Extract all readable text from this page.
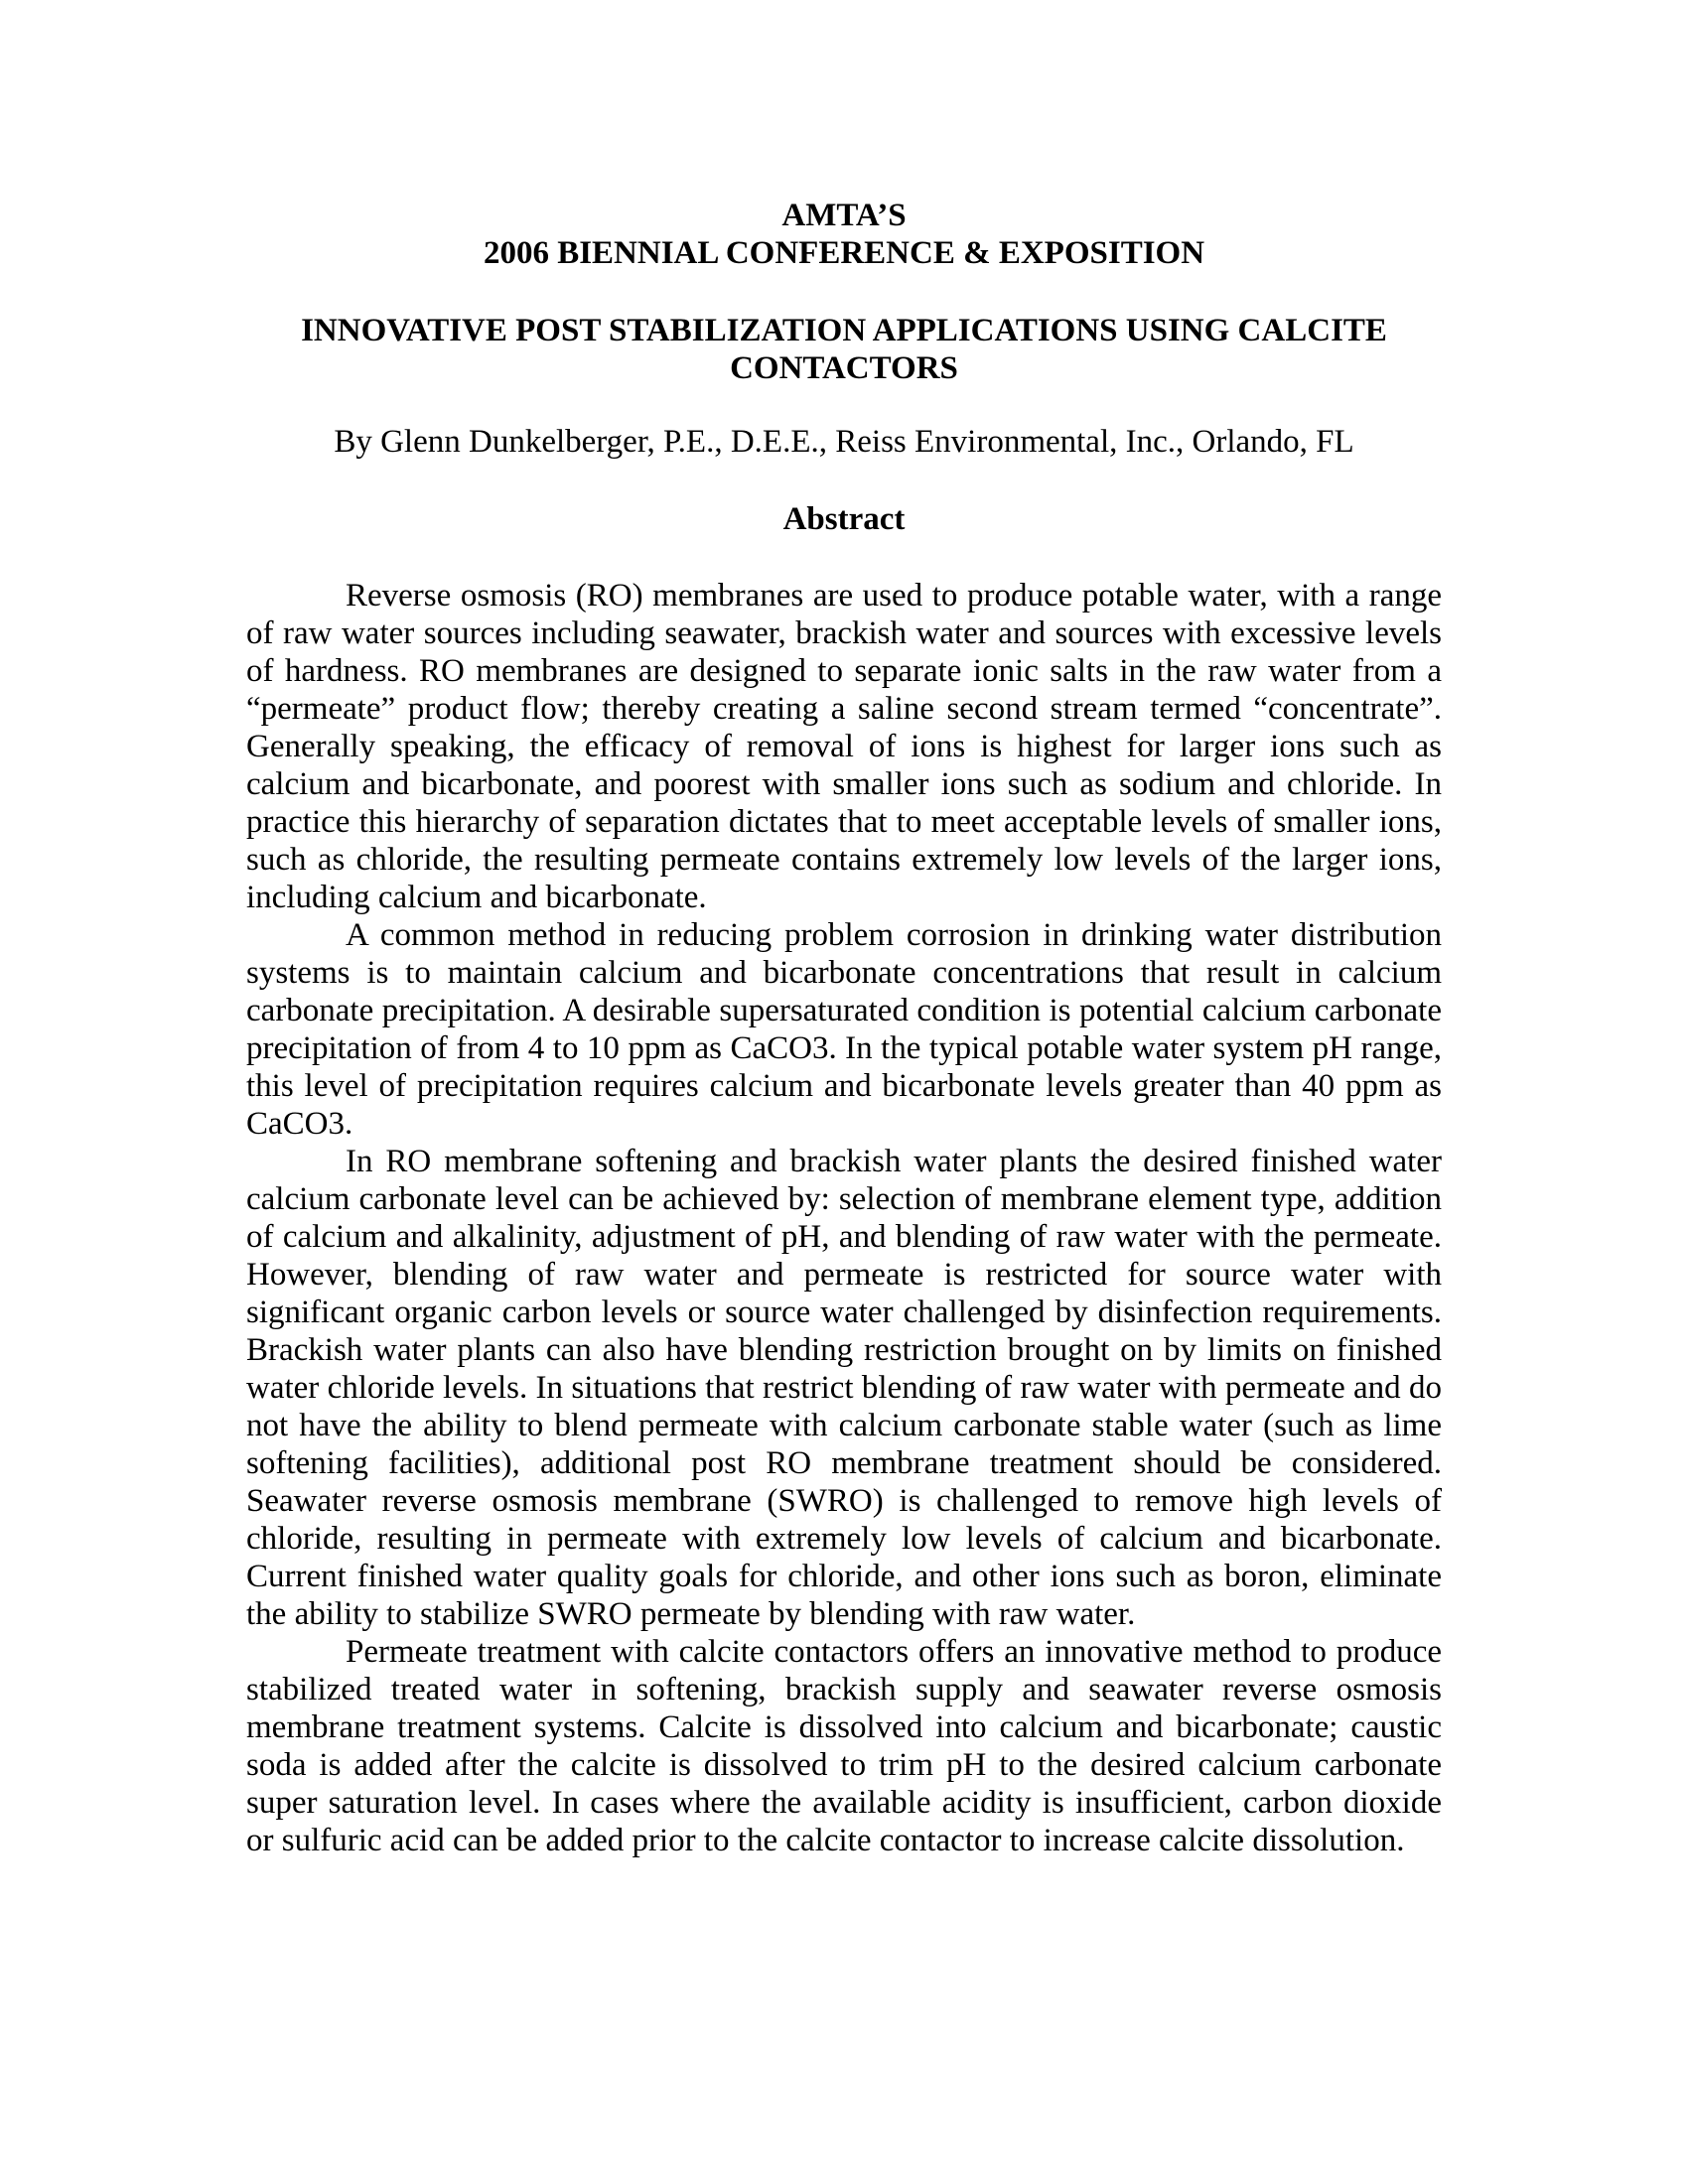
AMTA’S
2006 BIENNIAL CONFERENCE & EXPOSITION
INNOVATIVE POST STABILIZATION APPLICATIONS USING CALCITE CONTACTORS
By Glenn Dunkelberger, P.E., D.E.E., Reiss Environmental, Inc., Orlando, FL
Abstract

Reverse osmosis (RO) membranes are used to produce potable water, with a range of raw water sources including seawater, brackish water and sources with excessive levels of hardness. RO membranes are designed to separate ionic salts in the raw water from a “permeate” product flow; thereby creating a saline second stream termed “concentrate”. Generally speaking, the efficacy of removal of ions is highest for larger ions such as calcium and bicarbonate, and poorest with smaller ions such as sodium and chloride. In practice this hierarchy of separation dictates that to meet acceptable levels of smaller ions, such as chloride, the resulting permeate contains extremely low levels of the larger ions, including calcium and bicarbonate.

A common method in reducing problem corrosion in drinking water distribution systems is to maintain calcium and bicarbonate concentrations that result in calcium carbonate precipitation. A desirable supersaturated condition is potential calcium carbonate precipitation of from 4 to 10 ppm as CaCO3. In the typical potable water system pH range, this level of precipitation requires calcium and bicarbonate levels greater than 40 ppm as CaCO3.

In RO membrane softening and brackish water plants the desired finished water calcium carbonate level can be achieved by: selection of membrane element type, addition of calcium and alkalinity, adjustment of pH, and blending of raw water with the permeate. However, blending of raw water and permeate is restricted for source water with significant organic carbon levels or source water challenged by disinfection requirements. Brackish water plants can also have blending restriction brought on by limits on finished water chloride levels. In situations that restrict blending of raw water with permeate and do not have the ability to blend permeate with calcium carbonate stable water (such as lime softening facilities), additional post RO membrane treatment should be considered. Seawater reverse osmosis membrane (SWRO) is challenged to remove high levels of chloride, resulting in permeate with extremely low levels of calcium and bicarbonate. Current finished water quality goals for chloride, and other ions such as boron, eliminate the ability to stabilize SWRO permeate by blending with raw water.

Permeate treatment with calcite contactors offers an innovative method to produce stabilized treated water in softening, brackish supply and seawater reverse osmosis membrane treatment systems. Calcite is dissolved into calcium and bicarbonate; caustic soda is added after the calcite is dissolved to trim pH to the desired calcium carbonate super saturation level. In cases where the available acidity is insufficient, carbon dioxide or sulfuric acid can be added prior to the calcite contactor to increase calcite dissolution.
